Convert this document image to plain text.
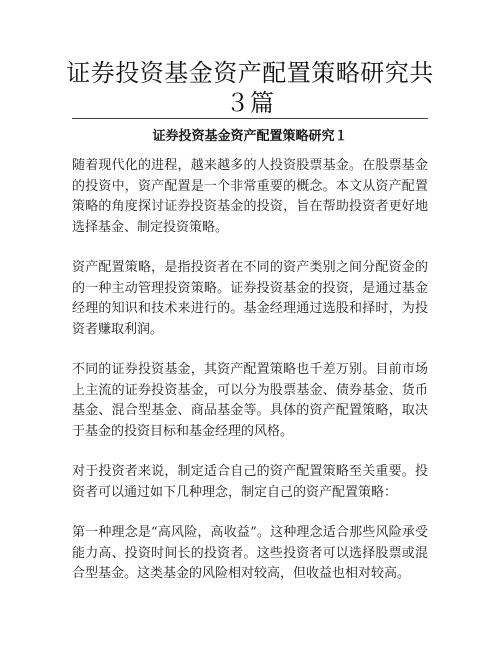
证券投资基金资产配置策略研究共３篇
证券投资基金资产配置策略研究１

随着现代化的进程，越来越多的人投资股票基金。在股票基金的投资中，资产配置是一个非常重要的概念。本文从资产配置策略的角度探讨证券投资基金的投资，旨在帮助投资者更好地选择基金、制定投资策略。

资产配置策略，是指投资者在不同的资产类别之间分配资金的的一种主动管理投资策略。证券投资基金的投资，是通过基金经理的知识和技术来进行的。基金经理通过选股和择时，为投资者赚取利润。

不同的证券投资基金，其资产配置策略也千差万别。目前市场上主流的证券投资基金，可以分为股票基金、债券基金、货币基金、混合型基金、商品基金等。具体的资产配置策略，取决于基金的投资目标和基金经理的风格。

对于投资者来说，制定适合自己的资产配置策略至关重要。投资者可以通过如下几种理念，制定自己的资产配置策略：

第一种理念是“高风险，高收益”。这种理念适合那些风险承受能力高、投资时间长的投资者。这些投资者可以选择股票或混合型基金。这类基金的风险相对较高，但收益也相对较高。
